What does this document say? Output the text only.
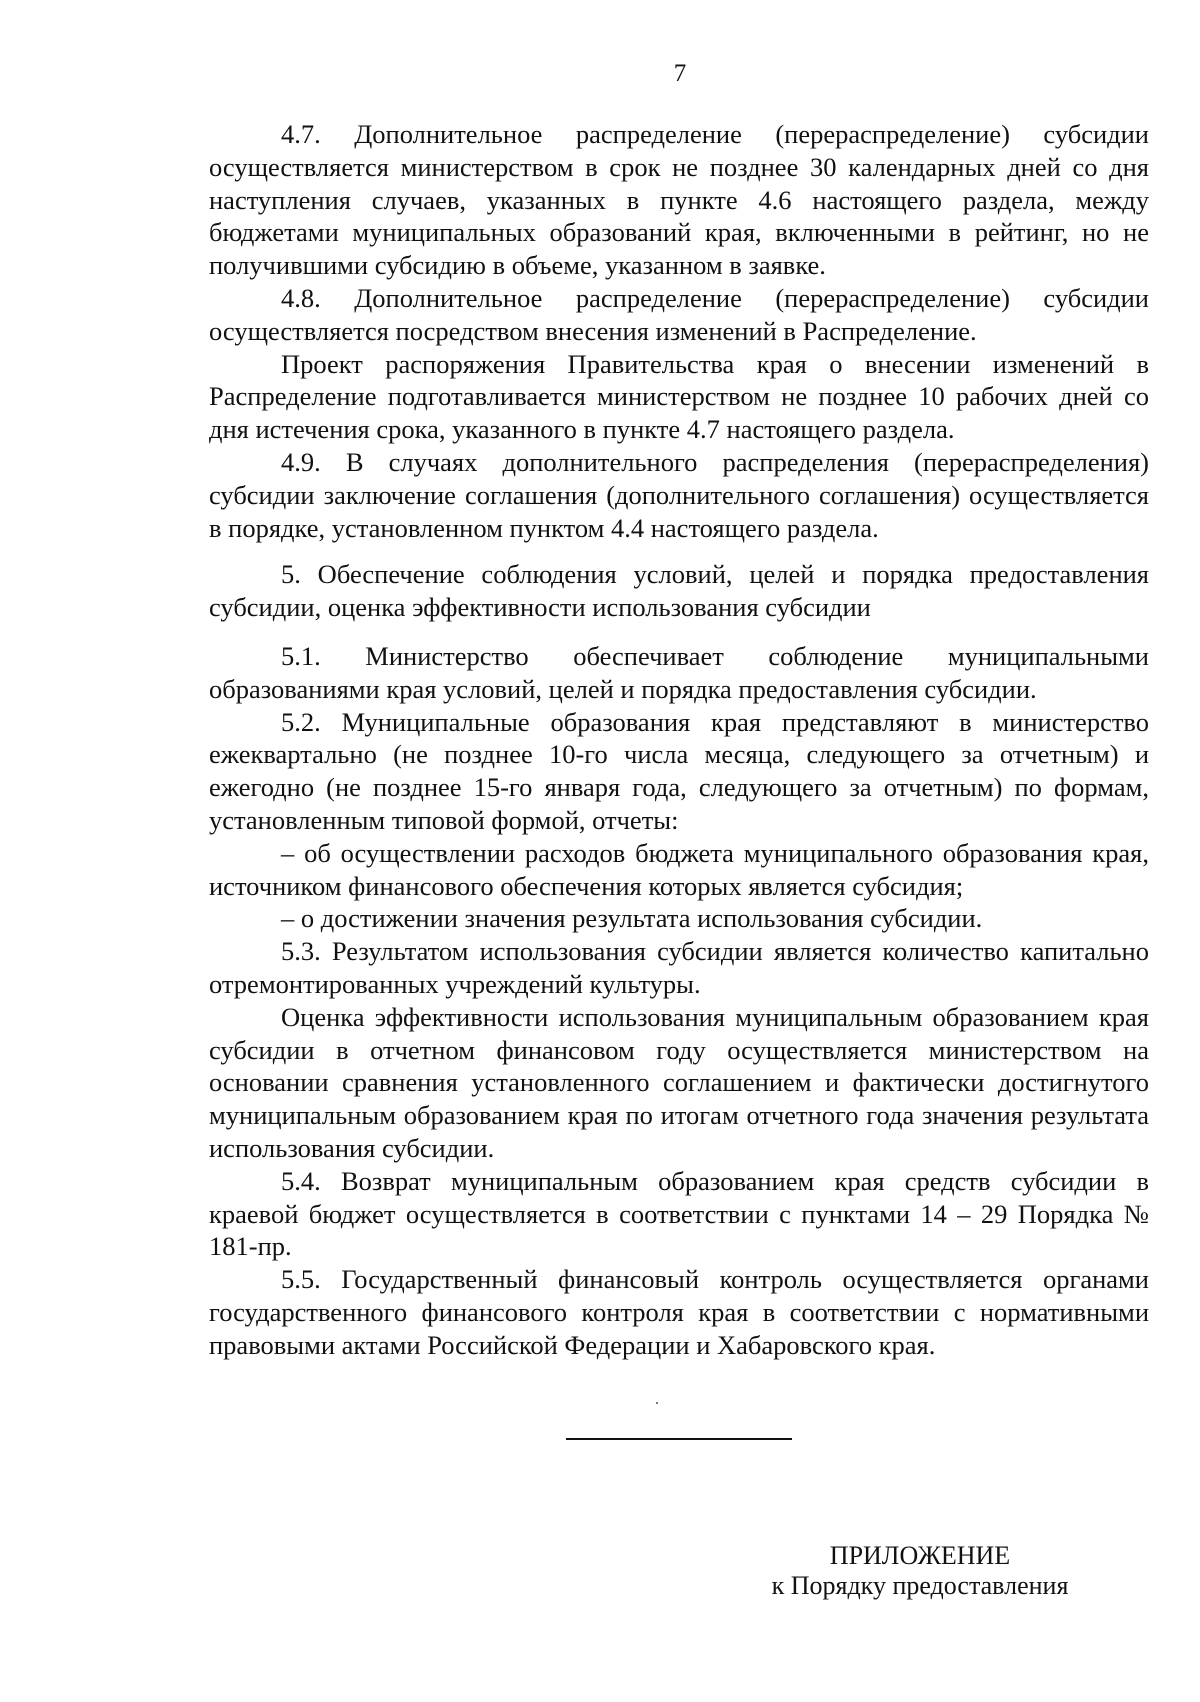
7

4.7. Дополнительное распределение (перераспределение) субсидии осуществляется министерством в срок не позднее 30 календарных дней со дня наступления случаев, указанных в пункте 4.6 настоящего раздела, между бюджетами муниципальных образований края, включенными в рейтинг, но не получившими субсидию в объеме, указанном в заявке.

4.8. Дополнительное распределение (перераспределение) субсидии осуществляется посредством внесения изменений в Распределение.

Проект распоряжения Правительства края о внесении изменений в Распределение подготавливается министерством не позднее 10 рабочих дней со дня истечения срока, указанного в пункте 4.7 настоящего раздела.

4.9. В случаях дополнительного распределения (перераспределения) субсидии заключение соглашения (дополнительного соглашения) осуществляется в порядке, установленном пунктом 4.4 настоящего раздела.

5. Обеспечение соблюдения условий, целей и порядка предоставления субсидии, оценка эффективности использования субсидии

5.1. Министерство обеспечивает соблюдение муниципальными образованиями края условий, целей и порядка предоставления субсидии.

5.2. Муниципальные образования края представляют в министерство ежеквартально (не позднее 10-го числа месяца, следующего за отчетным) и ежегодно (не позднее 15-го января года, следующего за отчетным) по формам, установленным типовой формой, отчеты:

– об осуществлении расходов бюджета муниципального образования края, источником финансового обеспечения которых является субсидия;

– о достижении значения результата использования субсидии.

5.3. Результатом использования субсидии является количество капитально отремонтированных учреждений культуры.

Оценка эффективности использования муниципальным образованием края субсидии в отчетном финансовом году осуществляется министерством на основании сравнения установленного соглашением и фактически достигнутого муниципальным образованием края по итогам отчетного года значения результата использования субсидии.

5.4. Возврат муниципальным образованием края средств субсидии в краевой бюджет осуществляется в соответствии с пунктами 14 – 29 Порядка № 181-пр.

5.5. Государственный финансовый контроль осуществляется органами государственного финансового контроля края в соответствии с нормативными правовыми актами Российской Федерации и Хабаровского края.

ПРИЛОЖЕНИЕ
к Порядку предоставления
